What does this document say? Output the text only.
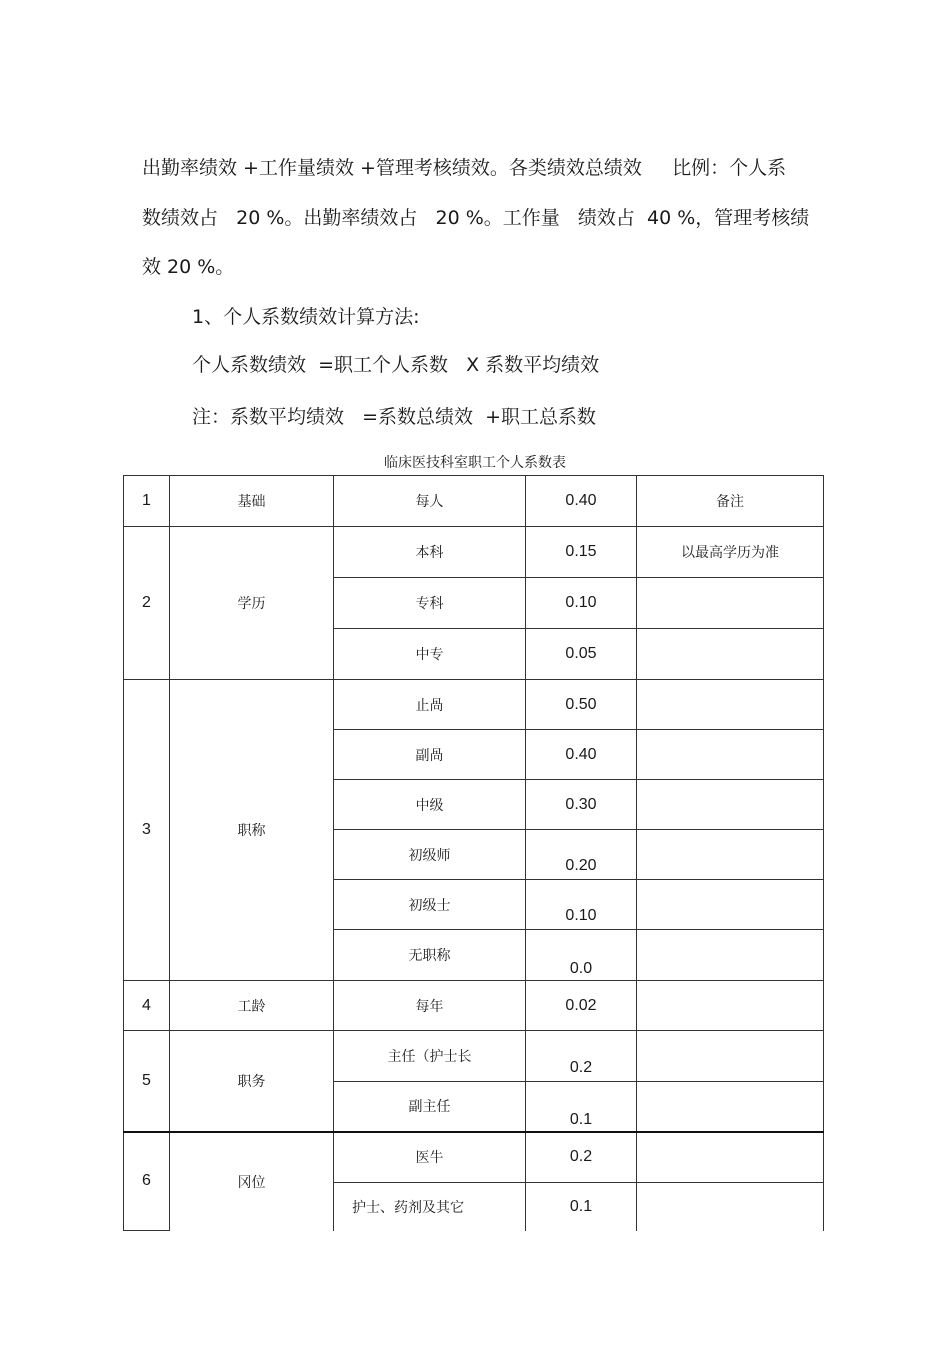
出勤率绩效 +工作量绩效 +管理考核绩效。各类绩效总绩效     比例：个人系
数绩效占   20 %。出勤率绩效占   20 %。工作量   绩效占  40 %，管理考核绩
效 20 %。
1、个人系数绩效计算方法:
个人系数绩效  =职工个人系数   X 系数平均绩效
注：系数平均绩效   =系数总绩效  +职工总系数
临床医技科室职工个人系数表
1	基础	每人	0.40	备注
2	学历	本科	0.15	以最高学历为准
		专科	0.10	
		中专	0.05	
3	职称	止咼	0.50	
		副咼	0.40	
		中级	0.30	
		初级师	0.20	
		初级士	0.10	
		无职称	0.0	
4	工龄	每年	0.02	
5	职务	主任（护士长	0.2	
		副主任	0.1	
6	冈位	医牛	0.2	
		护士、药剂及其它	0.1	
